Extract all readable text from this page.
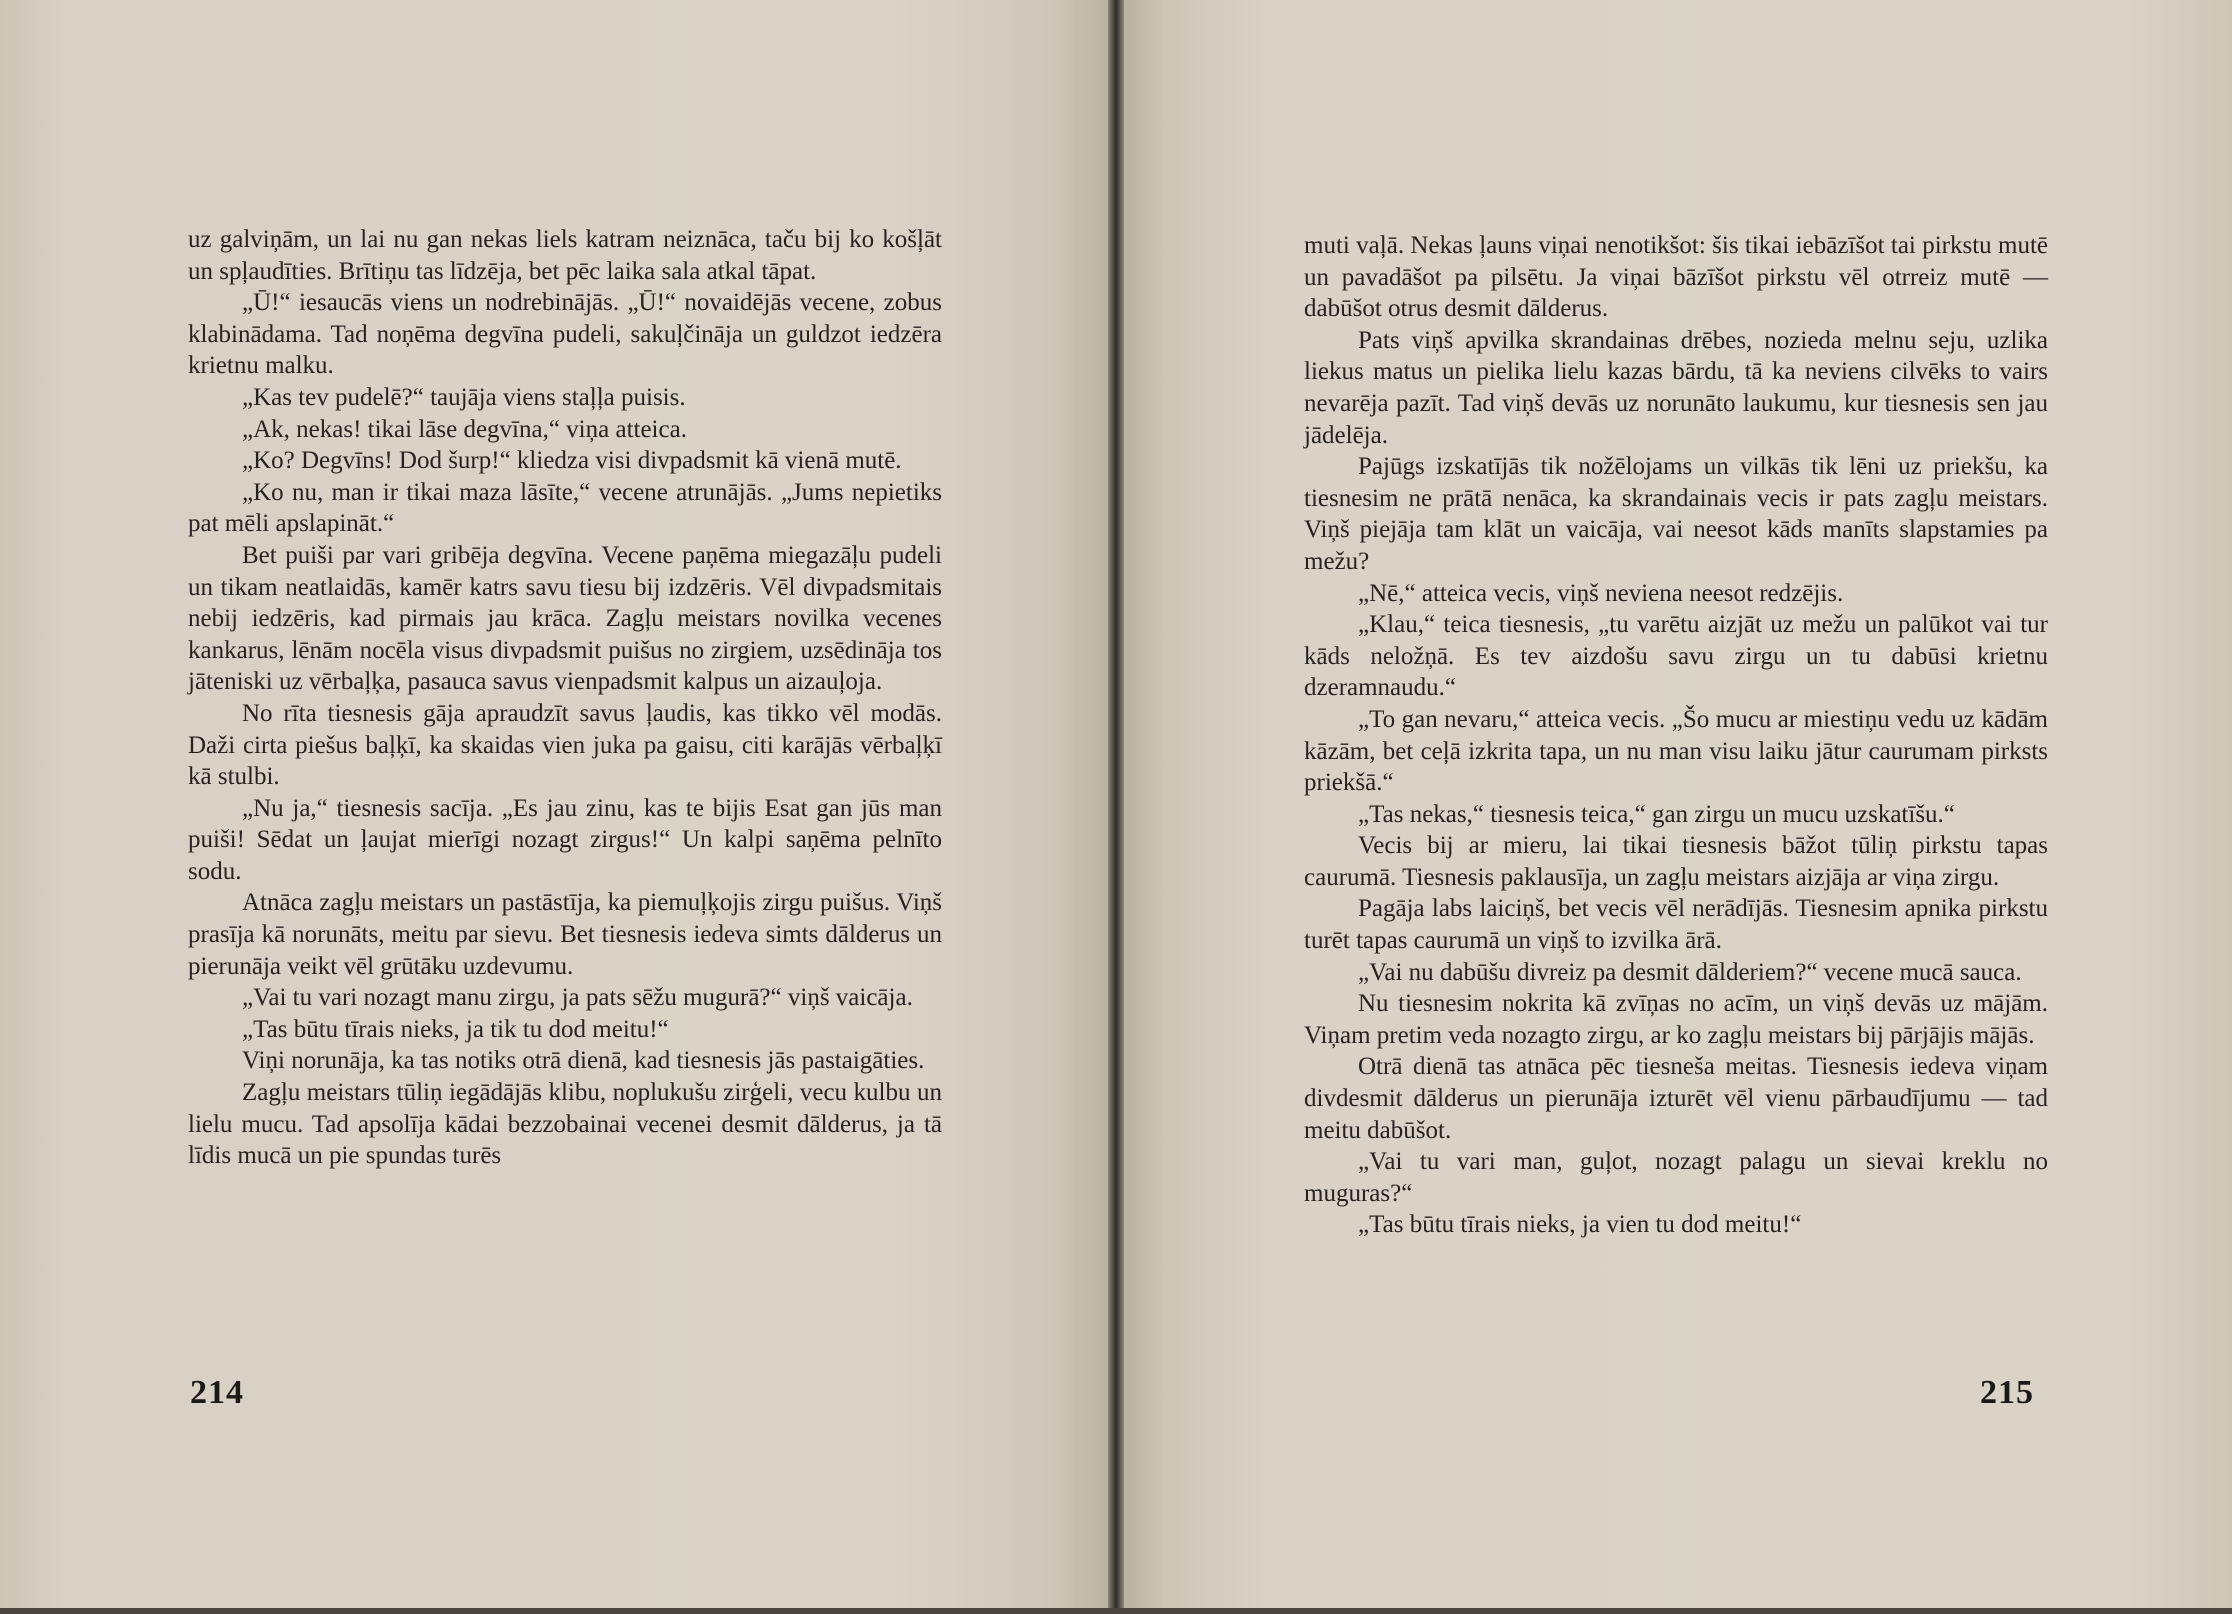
uz galviņām, un lai nu gan nekas liels katram neiznāca, taču bij ko košļāt un spļaudīties. Brītiņu tas līdzēja, bet pēc laika sala atkal tāpat.

„Ū!“ iesaucās viens un nodrebinājās. „Ū!“ novaidējās vecene, zobus klabinādama. Tad noņēma degvīna pudeli, sakuļčināja un guldzot iedzēra krietnu malku.

„Kas tev pudelē?“ taujāja viens staļļa puisis.

„Ak, nekas! tikai lāse degvīna,“ viņa atteica.

„Ko? Degvīns! Dod šurp!“ kliedza visi divpadsmit kā vienā mutē.

„Ko nu, man ir tikai maza lāsīte,“ vecene atrunājās. „Jums nepietiks pat mēli apslapināt.“

Bet puiši par vari gribēja degvīna. Vecene paņēma miegazāļu pudeli un tikam neatlaidās, kamēr katrs savu tiesu bij izdzēris. Vēl divpadsmitais nebij iedzēris, kad pirmais jau krāca. Zagļu meistars novilka vecenes kankarus, lēnām nocēla visus divpadsmit puišus no zirgiem, uzsēdināja tos jāteniski uz vērbaļķa, pasauca savus vienpadsmit kalpus un aizauļoja.

No rīta tiesnesis gāja apraudzīt savus ļaudis, kas tikko vēl modās. Daži cirta piešus baļķī, ka skaidas vien juka pa gaisu, citi karājās vērbaļķī kā stulbi.

„Nu ja,“ tiesnesis sacīja. „Es jau zinu, kas te bijis Esat gan jūs man puiši! Sēdat un ļaujat mierīgi nozagt zirgus!“ Un kalpi saņēma pelnīto sodu.

Atnāca zagļu meistars un pastāstīja, ka piemuļķojis zirgu puišus. Viņš prasīja kā norunāts, meitu par sievu. Bet tiesnesis iedeva simts dālderus un pierunāja veikt vēl grūtāku uzdevumu.

„Vai tu vari nozagt manu zirgu, ja pats sēžu mugurā?“ viņš vaicāja.

„Tas būtu tīrais nieks, ja tik tu dod meitu!“

Viņi norunāja, ka tas notiks otrā dienā, kad tiesnesis jās pastaigāties.

Zagļu meistars tūliņ iegādājās klibu, noplukušu zirģeli, vecu kulbu un lielu mucu. Tad apsolīja kādai bezzobainai vecenei desmit dālderus, ja tā līdis mucā un pie spundas turēs

214

muti vaļā. Nekas ļauns viņai nenotikšot: šis tikai iebāzīšot tai pirkstu mutē un pavadāšot pa pilsētu. Ja viņai bāzīšot pirkstu vēl otrreiz mutē — dabūšot otrus desmit dālderus.

Pats viņš apvilka skrandainas drēbes, nozieda melnu seju, uzlika liekus matus un pielika lielu kazas bārdu, tā ka neviens cilvēks to vairs nevarēja pazīt. Tad viņš devās uz norunāto laukumu, kur tiesnesis sen jau jādelēja.

Pajūgs izskatījās tik nožēlojams un vilkās tik lēni uz priekšu, ka tiesnesim ne prātā nenāca, ka skrandainais vecis ir pats zagļu meistars. Viņš piejāja tam klāt un vaicāja, vai neesot kāds manīts slapstamies pa mežu?

„Nē,“ atteica vecis, viņš neviena neesot redzējis.

„Klau,“ teica tiesnesis, „tu varētu aizjāt uz mežu un palūkot vai tur kāds neložņā. Es tev aizdošu savu zirgu un tu dabūsi krietnu dzeramnaudu.“

„To gan nevaru,“ atteica vecis. „Šo mucu ar miestiņu vedu uz kādām kāzām, bet ceļā izkrita tapa, un nu man visu laiku jātur caurumam pirksts priekšā.“

„Tas nekas,“ tiesnesis teica,“ gan zirgu un mucu uzskatīšu.“

Vecis bij ar mieru, lai tikai tiesnesis bāžot tūliņ pirkstu tapas caurumā. Tiesnesis paklausīja, un zagļu meistars aizjāja ar viņa zirgu.

Pagāja labs laiciņš, bet vecis vēl nerādījās. Tiesnesim apnika pirkstu turēt tapas caurumā un viņš to izvilka ārā.

„Vai nu dabūšu divreiz pa desmit dālderiem?“ vecene mucā sauca.

Nu tiesnesim nokrita kā zvīņas no acīm, un viņš devās uz mājām. Viņam pretim veda nozagto zirgu, ar ko zagļu meistars bij pārjājis mājās.

Otrā dienā tas atnāca pēc tiesneša meitas. Tiesnesis iedeva viņam divdesmit dālderus un pierunāja izturēt vēl vienu pārbaudījumu — tad meitu dabūšot.

„Vai tu vari man, guļot, nozagt palagu un sievai kreklu no muguras?“

„Tas būtu tīrais nieks, ja vien tu dod meitu!“

215
